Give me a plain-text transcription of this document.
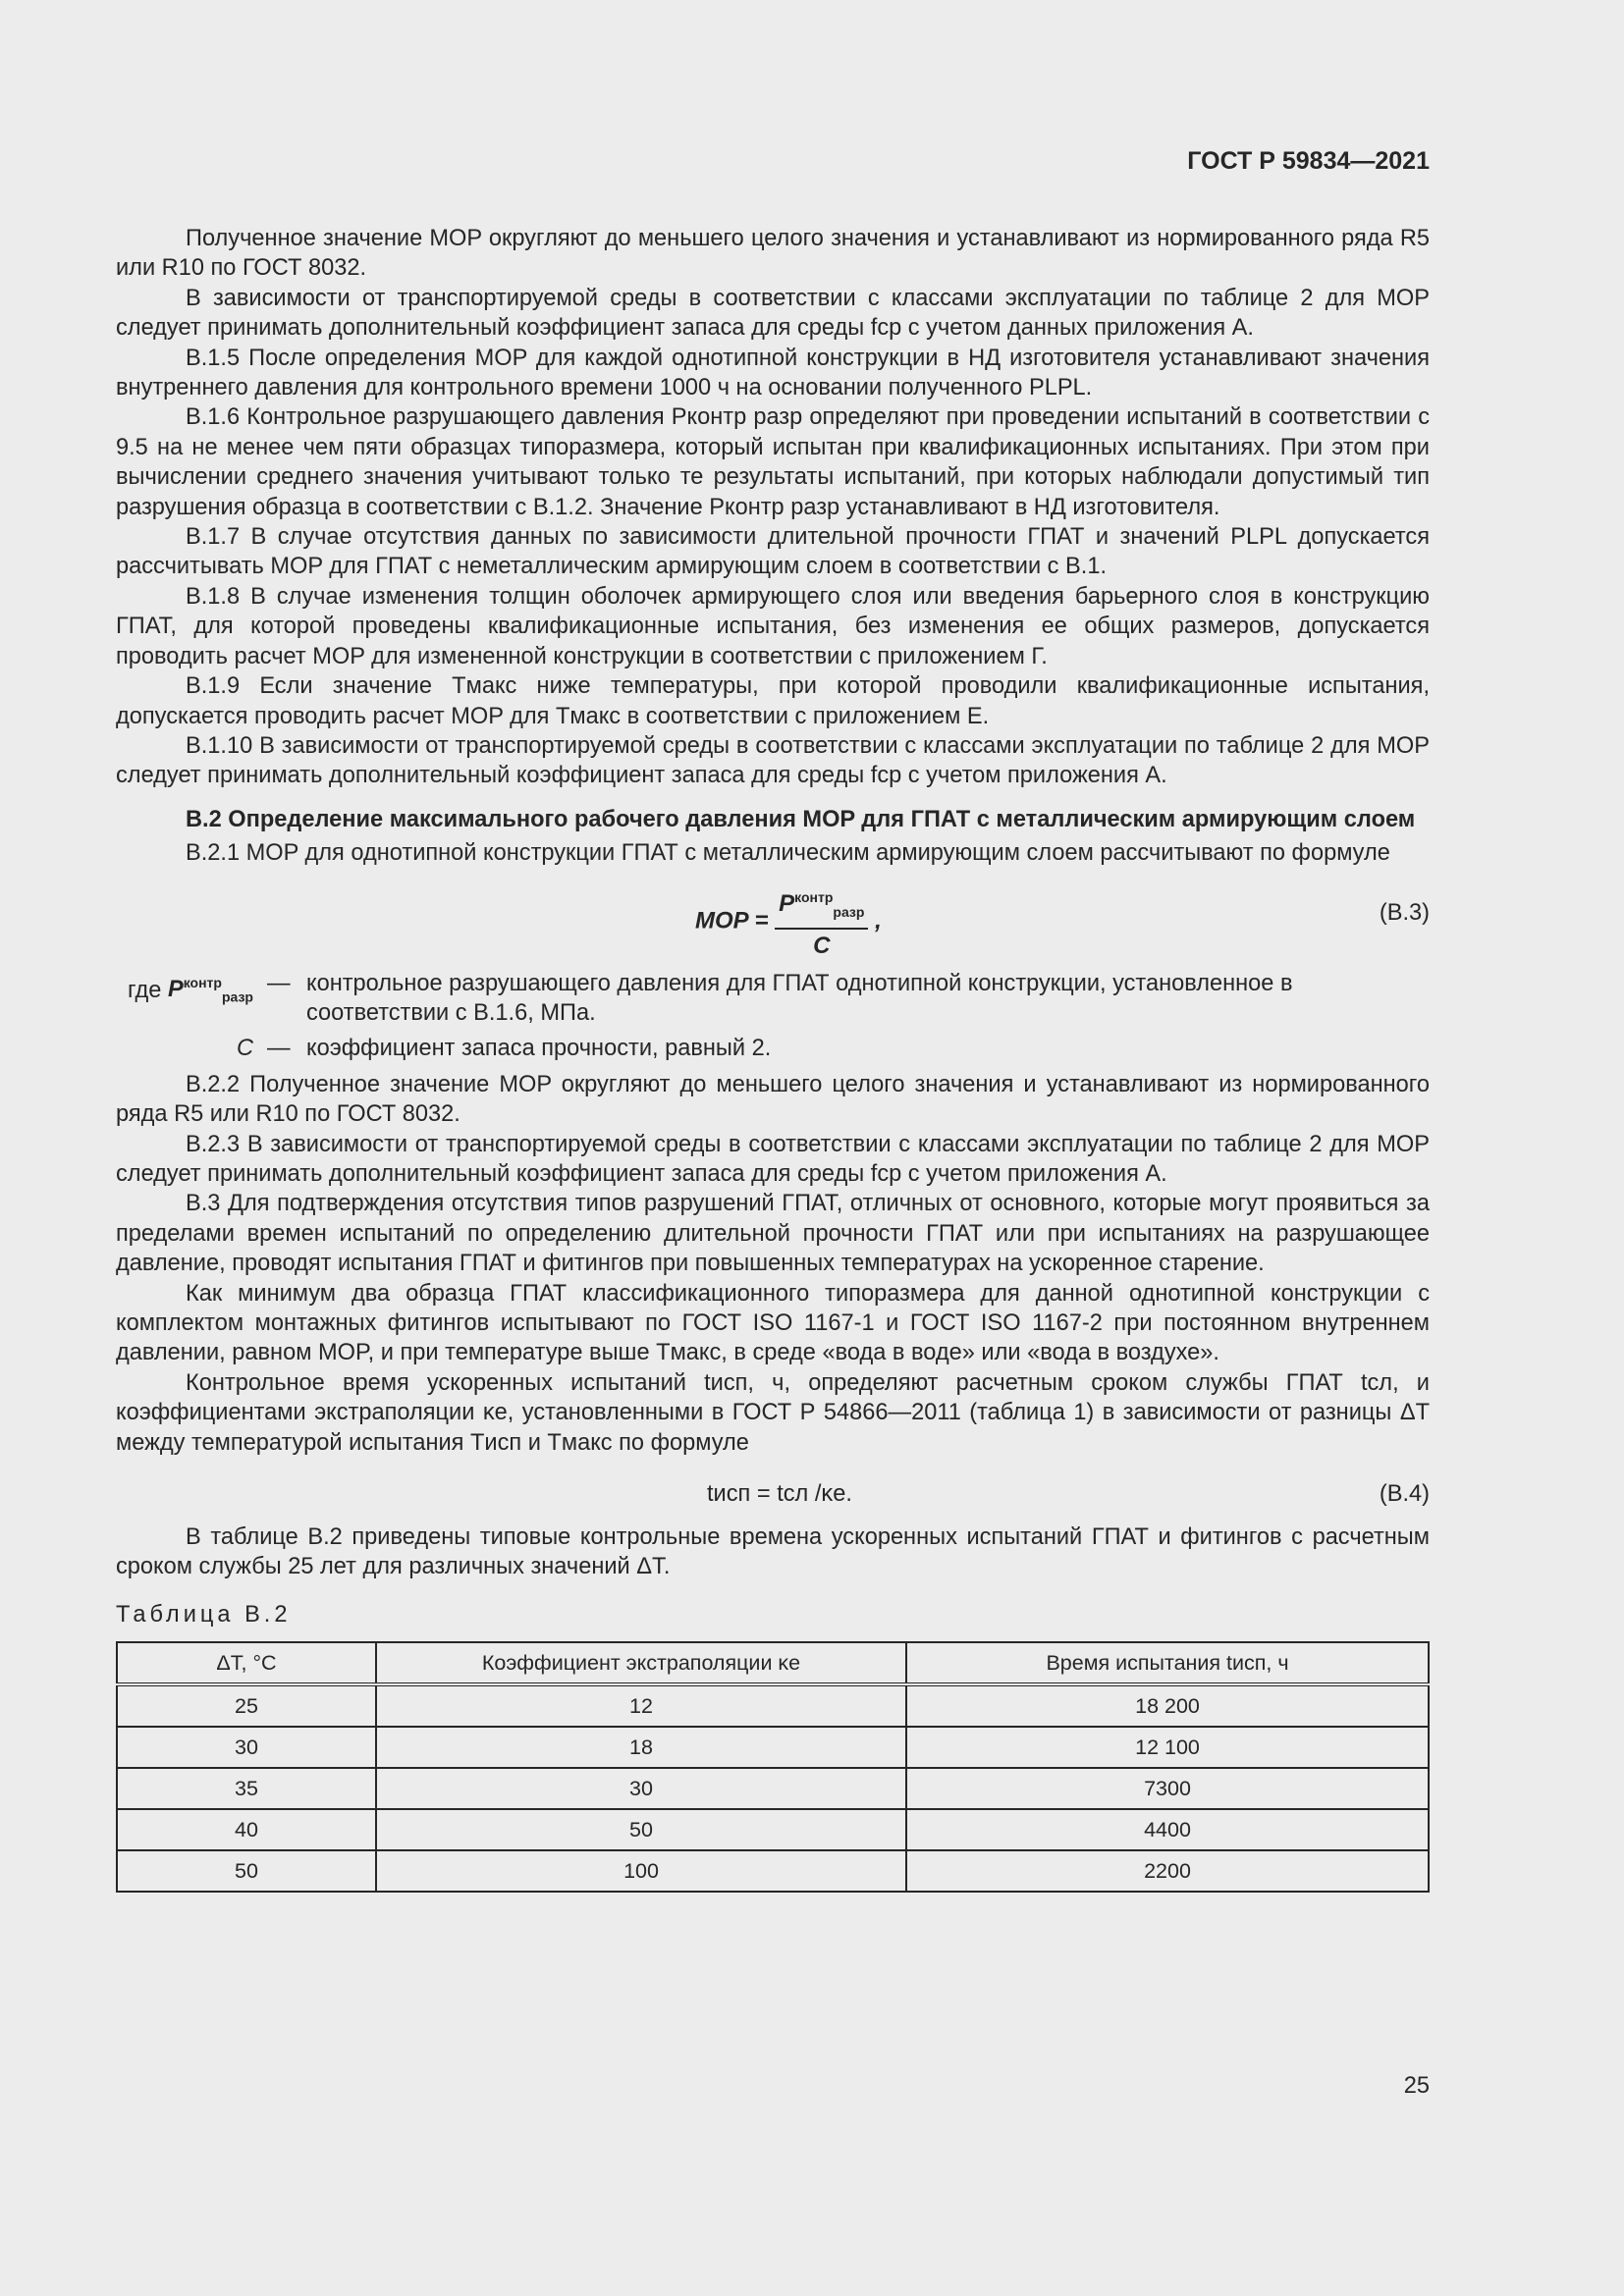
ГОСТ Р 59834—2021

Полученное значение MOP округляют до меньшего целого значения и устанавливают из нормированного ряда R5 или R10 по ГОСТ 8032.

В зависимости от транспортируемой среды в соответствии с классами эксплуатации по таблице 2 для MOP следует принимать дополнительный коэффициент запаса для среды fср с учетом данных приложения А.

В.1.5 После определения MOP для каждой однотипной конструкции в НД изготовителя устанавливают значения внутреннего давления для контрольного времени 1000 ч на основании полученного PLPL.

В.1.6 Контрольное разрушающего давления Pконтр разр определяют при проведении испытаний в соответствии с 9.5 на не менее чем пяти образцах типоразмера, который испытан при квалификационных испытаниях. При этом при вычислении среднего значения учитывают только те результаты испытаний, при которых наблюдали допустимый тип разрушения образца в соответствии с В.1.2. Значение Pконтр разр устанавливают в НД изготовителя.

В.1.7 В случае отсутствия данных по зависимости длительной прочности ГПАТ и значений PLPL допускается рассчитывать MOP для ГПАТ с неметаллическим армирующим слоем в соответствии с В.1.

В.1.8 В случае изменения толщин оболочек армирующего слоя или введения барьерного слоя в конструкцию ГПАТ, для которой проведены квалификационные испытания, без изменения ее общих размеров, допускается проводить расчет MOP для измененной конструкции в соответствии с приложением Г.

В.1.9 Если значение Tмакс ниже температуры, при которой проводили квалификационные испытания, допускается проводить расчет MOP для Tмакс в соответствии с приложением Е.

В.1.10 В зависимости от транспортируемой среды в соответствии с классами эксплуатации по таблице 2 для MOP следует принимать дополнительный коэффициент запаса для среды fср с учетом приложения А.

В.2 Определение максимального рабочего давления MOP для ГПАТ с металлическим армирующим слоем

В.2.1 MOP для однотипной конструкции ГПАТ с металлическим армирующим слоем рассчитывают по формуле

MOP = $\frac{P^{контр}_{разр}}{C}$ ,	(В.3)
где $P^{контр}_{разр}$
— контрольное разрушающего давления для ГПАТ однотипной конструкции, установленное в соответствии с В.1.6, МПа.
C — коэффициент запаса прочности, равный 2.

В.2.2 Полученное значение MOP округляют до меньшего целого значения и устанавливают из нормированного ряда R5 или R10 по ГОСТ 8032.

В.2.3 В зависимости от транспортируемой среды в соответствии с классами эксплуатации по таблице 2 для MOP следует принимать дополнительный коэффициент запаса для среды fср с учетом приложения А.

В.3 Для подтверждения отсутствия типов разрушений ГПАТ, отличных от основного, которые могут проявиться за пределами времен испытаний по определению длительной прочности ГПАТ или при испытаниях на разрушающее давление, проводят испытания ГПАТ и фитингов при повышенных температурах на ускоренное старение.

Как минимум два образца ГПАТ классификационного типоразмера для данной однотипной конструкции с комплектом монтажных фитингов испытывают по ГОСТ ISO 1167-1 и ГОСТ ISO 1167-2 при постоянном внутреннем давлении, равном MOP, и при температуре выше Tмакс, в среде «вода в воде» или «вода в воздухе».

Контрольное время ускоренных испытаний tисп, ч, определяют расчетным сроком службы ГПАТ tсл, и коэффициентами экстраполяции κe, установленными в ГОСТ Р 54866—2011 (таблица 1) в зависимости от разницы ΔT между температурой испытания Tисп и Tмакс по формуле

tисп = tсл /κe.	(В.4)

В таблице В.2 приведены типовые контрольные времена ускоренных испытаний ГПАТ и фитингов с расчетным сроком службы 25 лет для различных значений ΔT.

Таблица В.2
ΔT, °С	Коэффициент экстраполяции κe	Время испытания tисп, ч
25	12	18 200
30	18	12 100
35	30	7300
40	50	4400
50	100	2200
25
